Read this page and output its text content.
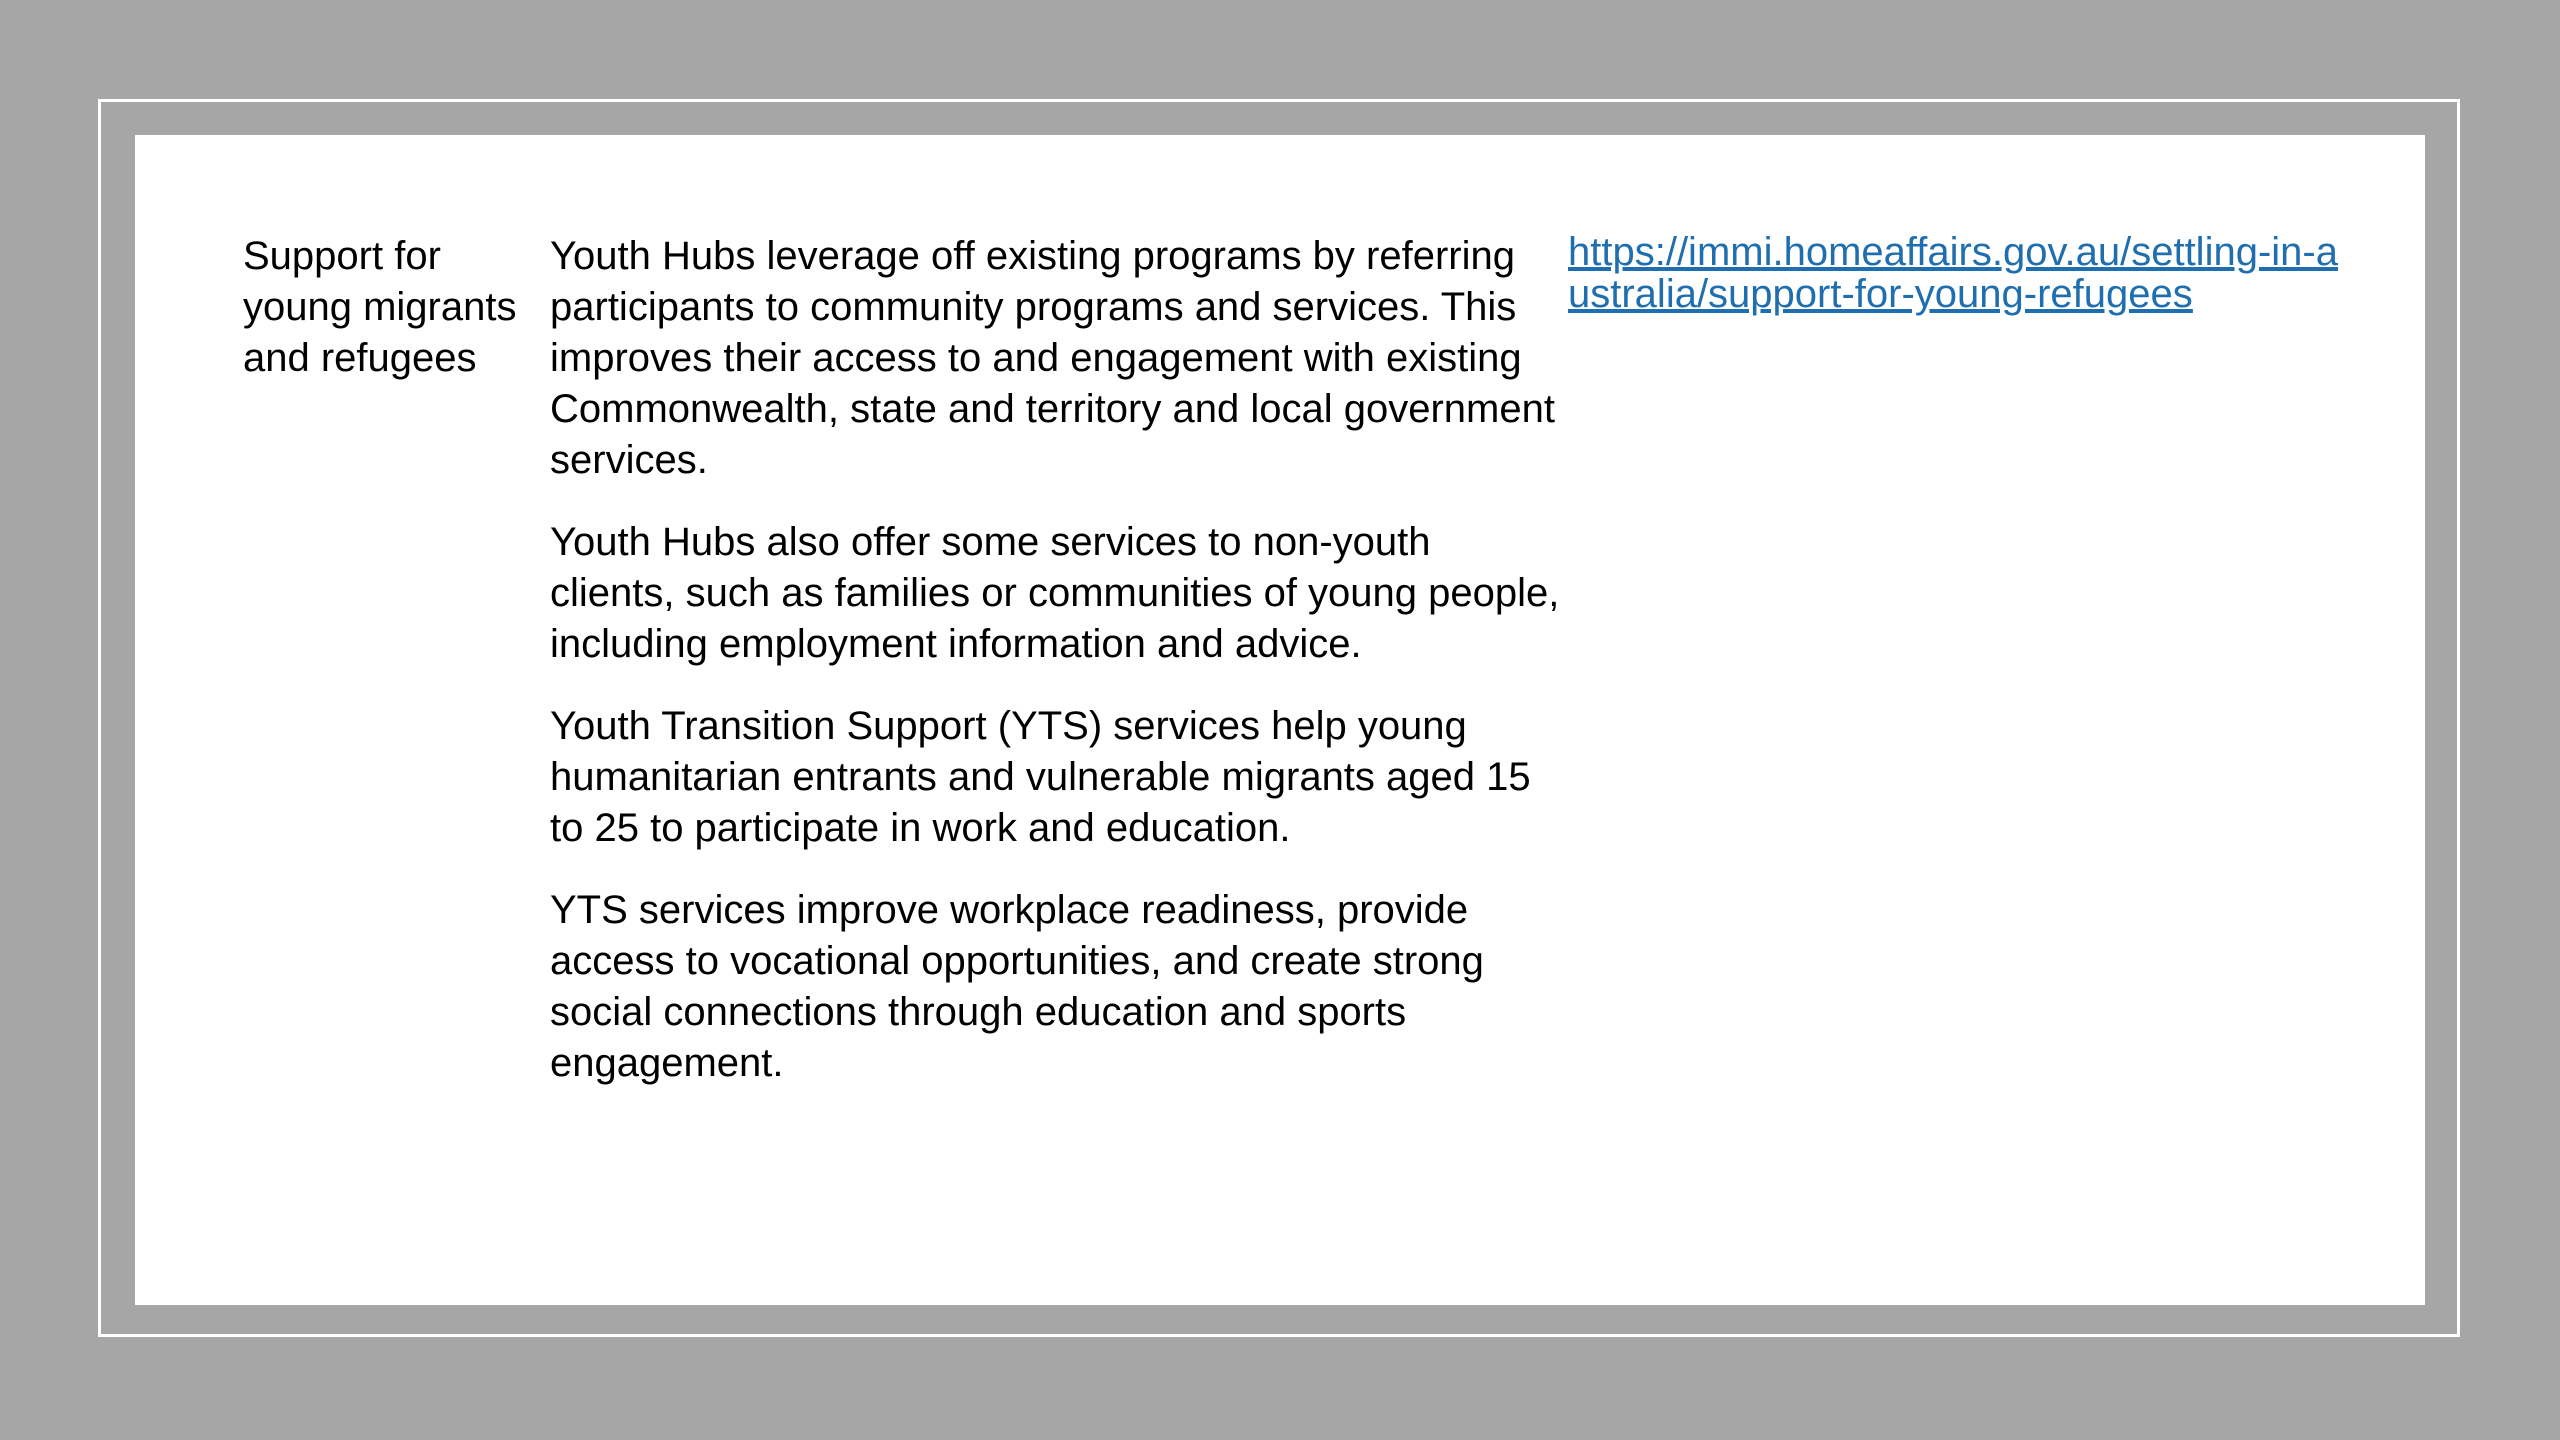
Support for young migrants and refugees

Youth Hubs leverage off existing programs by referring participants to community programs and services. This improves their access to and engagement with existing Commonwealth, state and territory and local government services.

Youth Hubs also offer some services to non-youth clients, such as families or communities of young people, including employment information and advice.

Youth Transition Support (YTS) services help young humanitarian entrants and vulnerable migrants aged 15 to 25 to participate in work and education.

YTS services improve workplace readiness, provide access to vocational opportunities, and create strong social connections through education and sports engagement.

https://immi.homeaffairs.gov.au/settling-in-australia/support-for-young-refugees
